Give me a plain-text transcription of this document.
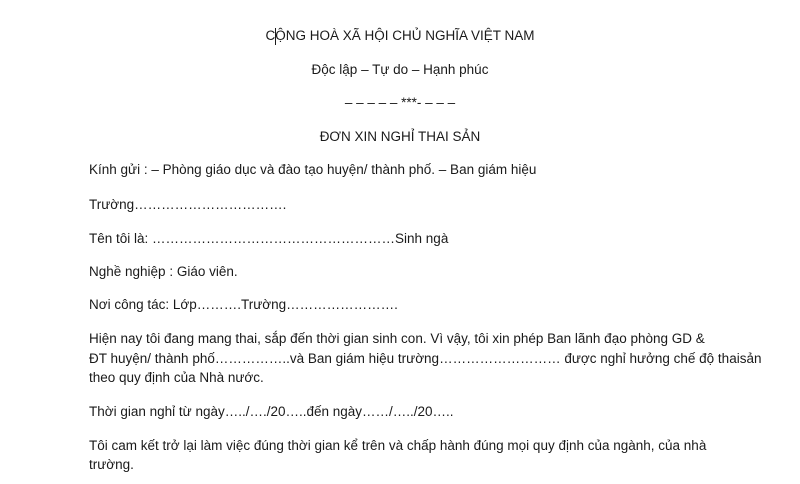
CỘNG HOÀ XÃ HỘI CHỦ NGHĨA VIỆT NAM
Độc lập – Tự do – Hạnh phúc
– – – – – ***- – – –
ĐƠN XIN NGHỈ THAI SẢN
Kính gửi : – Phòng giáo dục và đào tạo huyện/ thành phố. – Ban giám hiệu
Trường…………………………….
Tên tôi là: ………………………………………………Sinh ngà
Nghề nghiệp : Giáo viên.
Nơi công tác: Lớp……….Trường…………………….
Hiện nay tôi đang mang thai, sắp đến thời gian sinh con. Vì vậy, tôi xin phép Ban lãnh đạo phòng GD &
ĐT huyện/ thành phố……………..và Ban giám hiệu trường……………………… được nghỉ hưởng chế độ thaisản
theo quy định của Nhà nước.
Thời gian nghỉ từ ngày…../…./20…..đến ngày……/…../20…..
Tôi cam kết trở lại làm việc đúng thời gian kể trên và chấp hành đúng mọi quy định của ngành, của nhà
trường.
